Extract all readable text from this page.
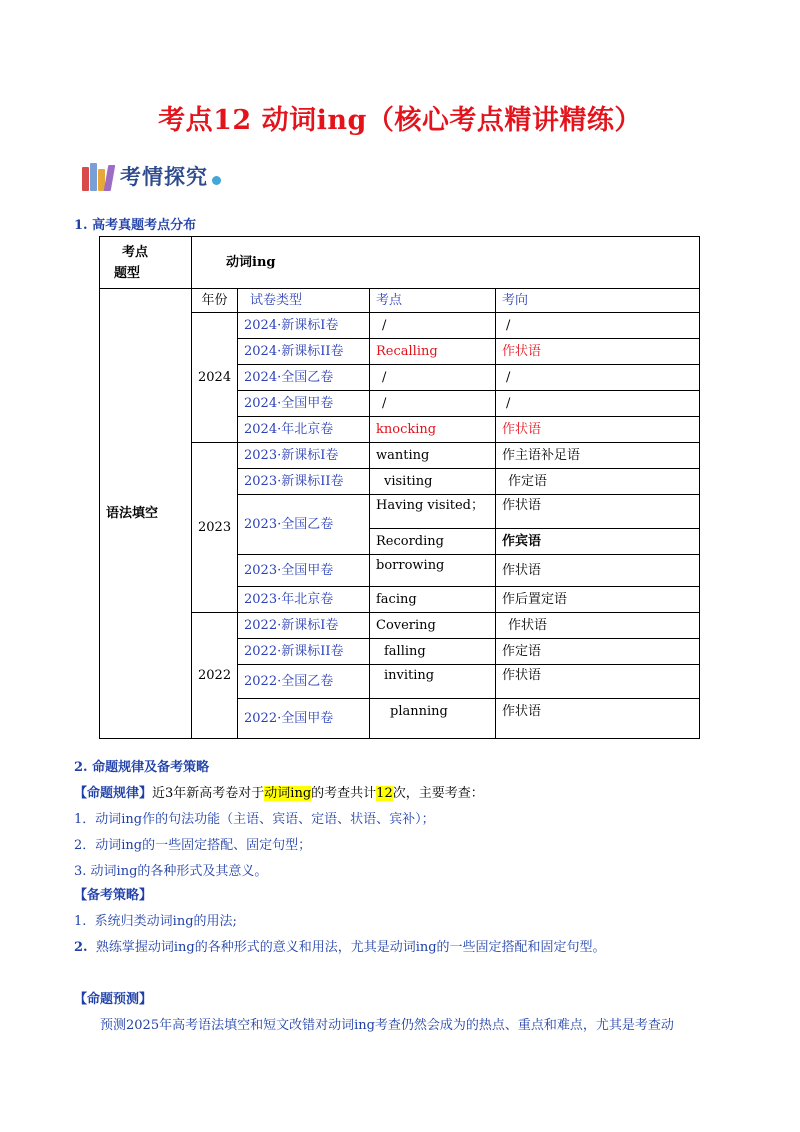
考点12 动词ing（核心考点精讲精练）
考情探究
1. 高考真题考点分布
考点
题型	动词ing			
语法填空	年份	试卷类型	考点	考向
	2024	2024·新课标I卷	/	/
		2024·新课标II卷	Recalling	作状语
		2024·全国乙卷	/	/
		2024·全国甲卷	/	/
		2024·年北京卷	knocking	作状语
	2023	2023·新课标I卷	wanting	作主语补足语
		2023·新课标II卷	visiting	作定语
		2023·全国乙卷	Having visited；	作状语
			Recording	作宾语
		2023·全国甲卷	borrowing	作状语
		2023·年北京卷	facing	作后置定语
	2022	2022·新课标I卷	Covering	作状语
		2022·新课标II卷	falling	作定语
		2022·全国乙卷	inviting	作状语
		2022·全国甲卷	planning	作状语
2. 命题规律及备考策略
【命题规律】近3年新高考卷对于动词ing的考查共计12次，主要考查：
1．动词ing作的句法功能（主语、宾语、定语、状语、宾补）；
2．动词ing的一些固定搭配、固定句型；
3. 动词ing的各种形式及其意义。
【备考策略】
1. 系统归类动词ing的用法;
2. 熟练掌握动词ing的各种形式的意义和用法，尤其是动词ing的一些固定搭配和固定句型。
【命题预测】
预测2025年高考语法填空和短文改错对动词ing考查仍然会成为的热点、重点和难点，尤其是考查动
